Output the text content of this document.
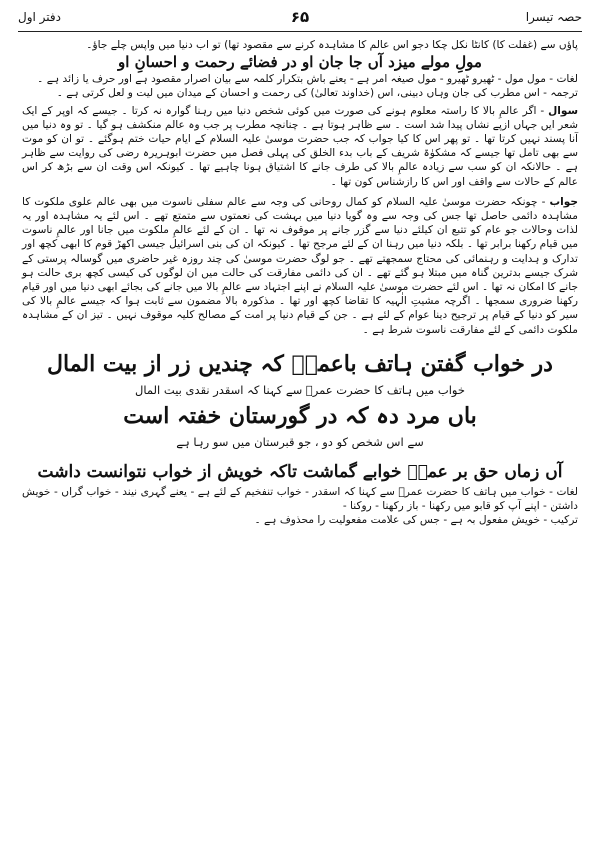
دفتر اول	۶۵	حصہ تیسرا

پاؤں سے (غفلت کا) کانٹا نکل چکا دجو اس عالم کا مشاہدہ کرنے سے مقصود تھا) تو اب دنیا میں واپس چلے جاؤ۔

مولِ مولے میزد آں جا جان او در فضائے رحمت و احسانِ او

لغات - مول مول - ٹھیرو ٹھیرو - مول صیغہ امر ہے - یعنے باش بتکرار کلمہ سے بیان اصرار مقصود ہے اور حرف یا زائد ہے ۔

ترجمہ - اس مطرب کی جان وہاں دبینی، اس (خداوند تعالیٰ) کی رحمت و احسان کے میدان میں لیت و لعل کرتی ہے ۔

سوال - اگر عالمِ بالا کا راستہ معلوم ہونے کی صورت میں کوئی شخص دنیا میں رہنا گوارہ نہ کرتا ۔ جیسے کہ اوپر کے ایک شعر ایں جہاں ازپے نشاں پیدا شد است ۔ سے ظاہر ہوتا ہے ۔ چنانچہ مطرب پر جب وہ عالم منکشف ہو گیا ۔ تو وہ دنیا میں آنا پسند نہیں کرتا تھا ۔ تو پھر اس کا کیا جواب کہ جب حضرت موسیٰ علیہ السلام کے ایام حیات ختم ہوگئے ۔ تو ان کو موت سے بھی تامل تھا جیسے کہ مشکوٰۃ شریف کے باب بدء الخلق کی پہلی فصل میں حضرت ابوہریرہ رضی کی روایت سے ظاہر ہے ۔ حالانکہ ان کو سب سے زیادہ عالمِ بالا کی طرف جانے کا اشتیاق ہونا چاہیے تھا ۔ کیونکہ اس وقت ان سے بڑھ کر اس عالم کے حالات سے واقف اور اس کا رازشناس کون تھا ۔

جواب - چونکہ حضرت موسیٰ علیہ السلام کو کمال روحانی کی وجہ سے عالم سفلی ناسوت میں بھی عالم علوی ملکوت کا مشاہدہ دائمی حاصل تھا جس کی وجہ سے وہ گویا دنیا میں بہشت کی نعمتوں سے متمتع تھے ۔ اس لئے یہ مشاہدہ اور یہ لذات وحالات جو عام کو تتبع ان کیلئے دنیا سے گزر جانے پر موقوف نہ تھا ۔ ان کے لئے عالمِ ملکوت میں جانا اور عالمِ ناسوت میں قیام رکھنا برابر تھا ۔ بلکہ دنیا میں رہنا ان کے لئے مرجح تھا ۔ کیونکہ ان کی بنی اسرائیل جیسی اکھڑ قوم کا ابھی کچھ اور تدارک و ہدایت و رہنمائی کی محتاج سمجھتے تھے ۔ جو لوگ حضرت موسیٰ کی چند روزہ غیر حاضری میں گوسالہ پرستی کے شرک جیسے بدترین گناہ میں مبتلا ہو گئے تھے ۔ ان کی دائمی مفارقت کی حالت میں ان لوگوں کی کیسی کچھ بری حالت ہو جانے کا امکان نہ تھا ۔ اس لئے حضرت موسیٰ علیہ السلام نے اپنے اجتہاد سے عالمِ بالا میں جانے کی بجائے ابھی دنیا میں اور قیام رکھنا ضروری سمجھا ۔ اگرچہ مشیتِ الٰہیہ کا تقاضا کچھ اور تھا ۔ مذکورہ بالا مضمون سے ثابت ہوا کہ جیسے عالمِ بالا کی سیر کو دنیا کے قیام پر ترجیح دینا عوام کے لئے ہے ۔ جن کے قیام دنیا پر امت کے مصالح کلیہ موقوف نہیں ۔ تیز ان کے مشاہدہ ملکوت دائمی کے لئے مفارقت ناسوت شرط ہے ۔

در خواب گفتن ہاتف باعمرؓ کہ چندیں زر از بیت المال

خواب میں ہاتف کا حضرت عمرؓ سے کہنا کہ اسقدر نقدی بیت المال

باں مرد دہ کہ در گورستان خفتہ است

سے اس شخص کو دو ، جو قبرستان میں سو رہا ہے

آں زماں حق بر عمرؓ خوابے گماشت تاکہ خویش از خواب نتوانست داشت

لغات - خواب میں ہاتف کا حضرت عمرؓ سے کہنا کہ اسقدر - خواب تنفخیم کے لئے ہے - یعنے گہری نیند - خواب گراں - خویش داشتن - اپنے آپ کو قابو میں رکھنا - باز رکھنا - روکنا -

ترکیب - خویش مفعول بہ ہے - جس کی علامت مفعولیت را محذوف ہے ۔
